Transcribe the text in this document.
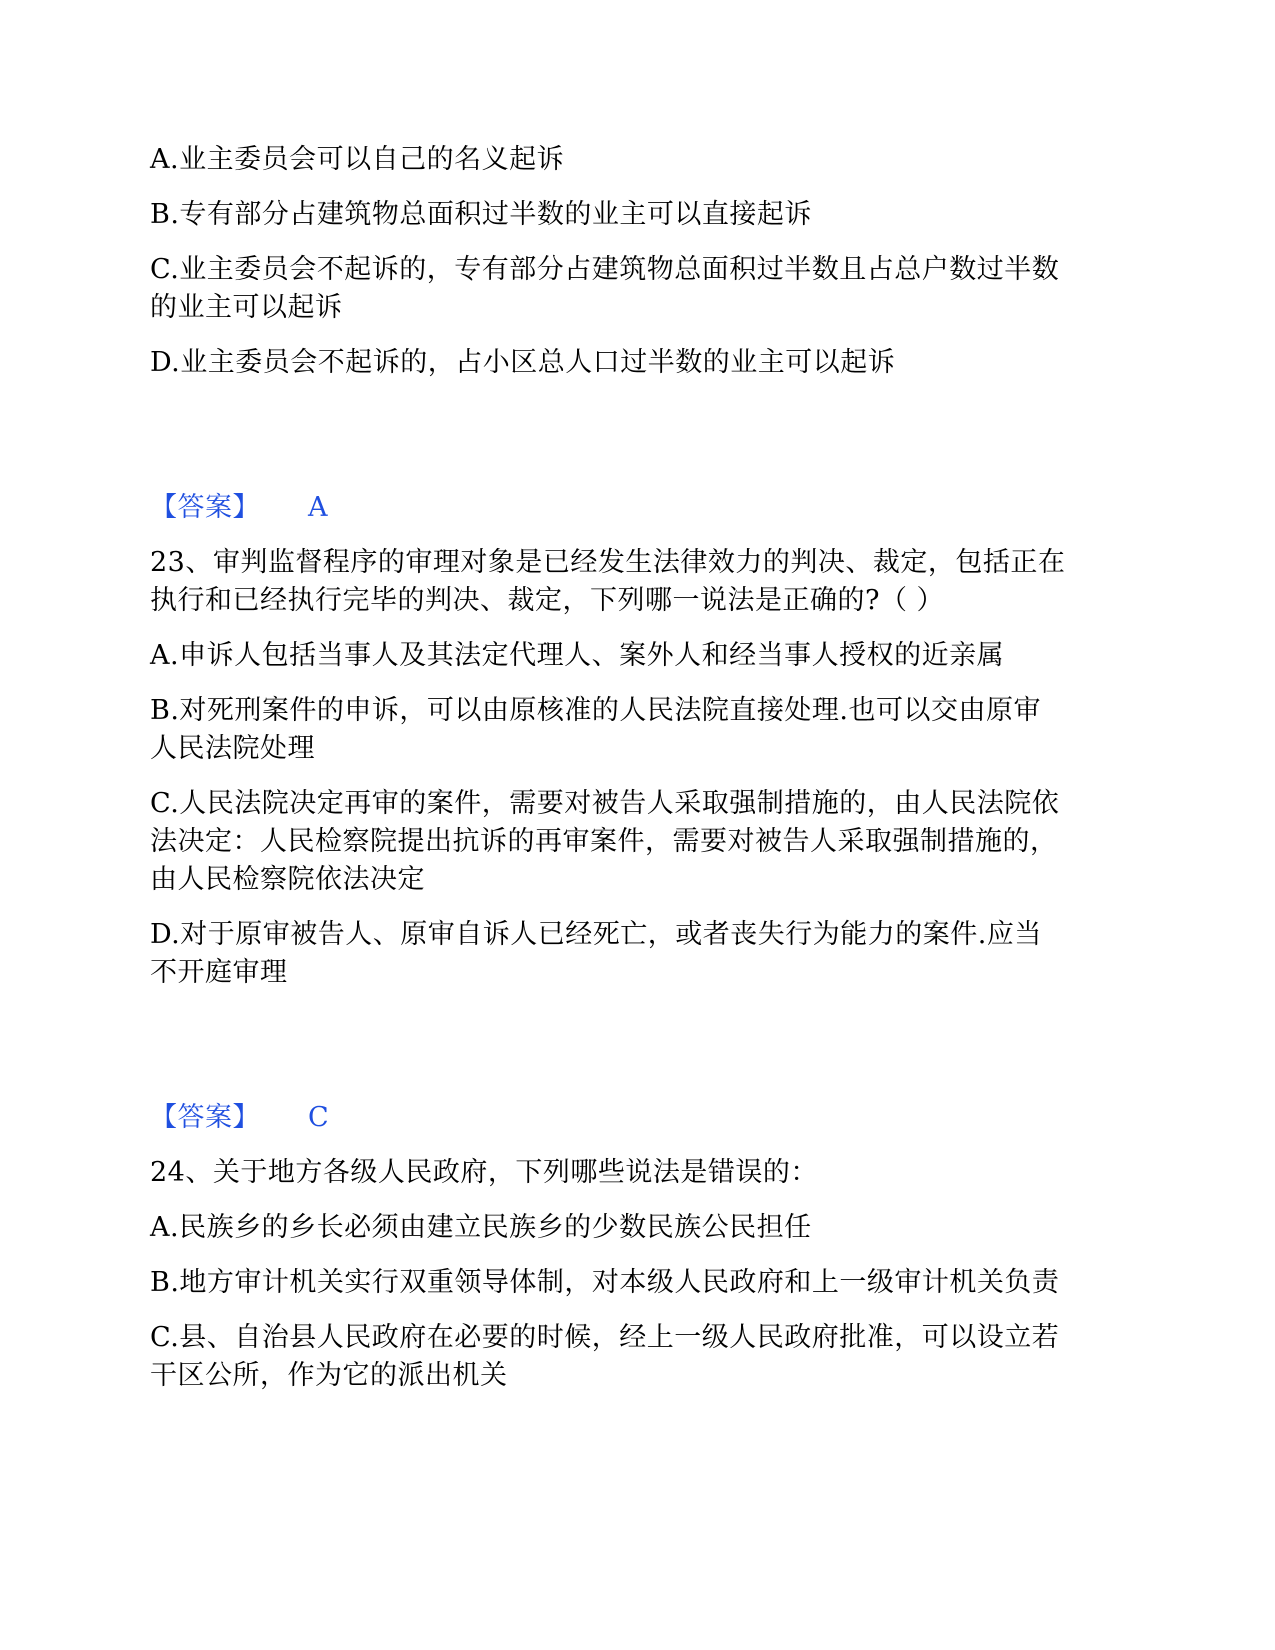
A.业主委员会可以自己的名义起诉
B.专有部分占建筑物总面积过半数的业主可以直接起诉
C.业主委员会不起诉的，专有部分占建筑物总面积过半数且占总户数过半数
的业主可以起诉
D.业主委员会不起诉的，占小区总人口过半数的业主可以起诉
【答案】 A
23、审判监督程序的审理对象是已经发生法律效力的判决、裁定，包括正在
执行和已经执行完毕的判决、裁定，下列哪一说法是正确的?（ ）
A.申诉人包括当事人及其法定代理人、案外人和经当事人授权的近亲属
B.对死刑案件的申诉，可以由原核准的人民法院直接处理.也可以交由原审
人民法院处理
C.人民法院决定再审的案件，需要对被告人采取强制措施的，由人民法院依
法决定：人民检察院提出抗诉的再审案件，需要对被告人采取强制措施的，
由人民检察院依法决定
D.对于原审被告人、原审自诉人已经死亡，或者丧失行为能力的案件.应当
不开庭审理
【答案】 C
24、关于地方各级人民政府，下列哪些说法是错误的：
A.民族乡的乡长必须由建立民族乡的少数民族公民担任
B.地方审计机关实行双重领导体制，对本级人民政府和上一级审计机关负责
C.县、自治县人民政府在必要的时候，经上一级人民政府批准，可以设立若
干区公所，作为它的派出机关
